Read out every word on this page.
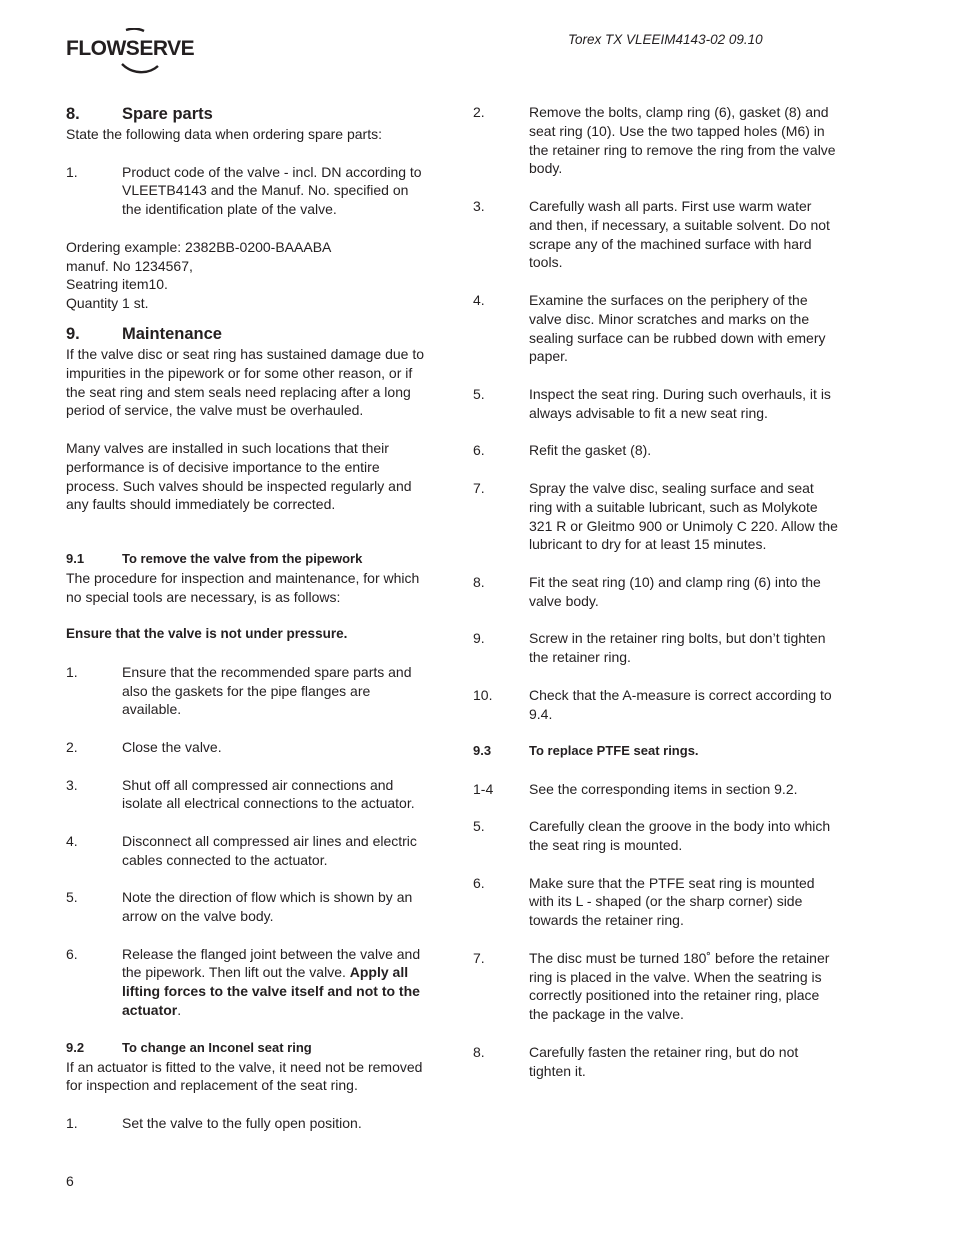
FLOWSERVE	Torex TX VLEEIM4143-02 09.10
8.	Spare parts

State the following data when ordering spare parts:

1.	Product code of the valve - incl. DN according to VLEETB4143 and the Manuf. No. specified on the identification plate of the valve.

Ordering example: 2382BB-0200-BAAABA

manuf. No 1234567,

Seatring item10.

Quantity 1 st.

9.	Maintenance

If the valve disc or seat ring has sustained damage due to impurities in the pipework or for some other reason, or if the seat ring and stem seals need replacing after a long period of service, the valve must be overhauled.

Many valves are installed in such locations that their performance is of decisive importance to the entire process. Such valves should be inspected regularly and any faults should immediately be corrected.

9.1	To remove the valve from the pipework

The procedure for inspection and maintenance, for which no special tools are necessary, is as follows:

Ensure that the valve is not under pressure.

1.	Ensure that the recommended spare parts and also the gaskets for the pipe flanges are available.
2.	Close the valve.
3.	Shut off all compressed air connections and isolate all electrical connections to the actuator.
4.	Disconnect all compressed air lines and electric cables connected to the actuator.
5.	Note the direction of flow which is shown by an arrow on the valve body.
6.	Release the flanged joint between the valve and the pipework. Then lift out the valve. Apply all lifting forces to the valve itself and not to the actuator.
9.2	To change an Inconel seat ring

If an actuator is fitted to the valve, it need not be removed for inspection and replacement of the seat ring.

1.	Set the valve to the fully open position.
2.	Remove the bolts, clamp ring (6), gasket (8) and seat ring (10). Use the two tapped holes (M6) in the retainer ring to remove the ring from the valve body.
3.	Carefully wash all parts. First use warm water and then, if necessary, a suitable solvent. Do not scrape any of the machined surface with hard tools.
4.	Examine the surfaces on the periphery of the valve disc. Minor scratches and marks on the sealing surface can be rubbed down with emery paper.
5.	Inspect the seat ring. During such overhauls, it is always advisable to fit a new seat ring.
6.	Refit the gasket (8).
7.	Spray the valve disc, sealing surface and seat ring with a suitable lubricant, such as Molykote 321 R or Gleitmo 900 or Unimoly C 220. Allow the lubricant to dry for at least 15 minutes.
8.	Fit the seat ring (10) and clamp ring (6) into the valve body.
9.	Screw in the retainer ring bolts, but don’t tighten the retainer ring.
10.	Check that the A-measure is correct according to 9.4.
9.3	To replace PTFE seat rings.
1-4	See the corresponding items in section 9.2.
5.	Carefully clean the groove in the body into which the seat ring is mounted.
6.	Make sure that the PTFE seat ring is mounted with its L - shaped (or the sharp corner) side towards the retainer ring.
7.	The disc must be turned 180˚ before the retainer ring is placed in the valve. When the seatring is correctly positioned into the retainer ring, place the package in the valve.
8.	Carefully fasten the retainer ring, but do not tighten it.
6
